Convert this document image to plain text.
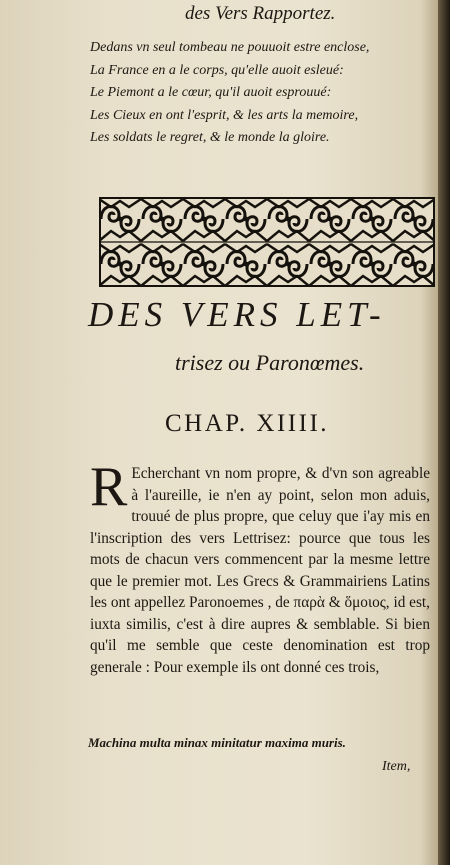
des Vers Rapportez.
Dedans vn seul tombeau ne pouuoit estre enclose,
La France en a le corps, qu'elle auoit esleué:
Le Piemont a le cœur, qu'il auoit esprouué:
Les Cieux en ont l'esprit, & les arts la memoire,
Les soldats le regret, & le monde la gloire.
DES VERS LET-
trisez ou Paronœmes.
CHAP. XIIII.

R Echerchant vn nom propre, & d'vn son agreable à l'aureille, ie n'en ay point, selon mon aduis, trouué de plus propre, que celuy que i'ay mis en l'inscription des vers Lettrisez: pource que tous les mots de chacun vers commencent par la mesme lettre que le premier mot. Les Grecs & Grammairiens Latins les ont appellez Paronoemes , de παρὰ & ὅμοιος, id est, iuxta similis, c'est à dire aupres & semblable. Si bien qu'il me semble que ceste denomination est trop generale : Pour exemple ils ont donné ces trois,

Machina multa minax minitatur maxima muris.
Item,
